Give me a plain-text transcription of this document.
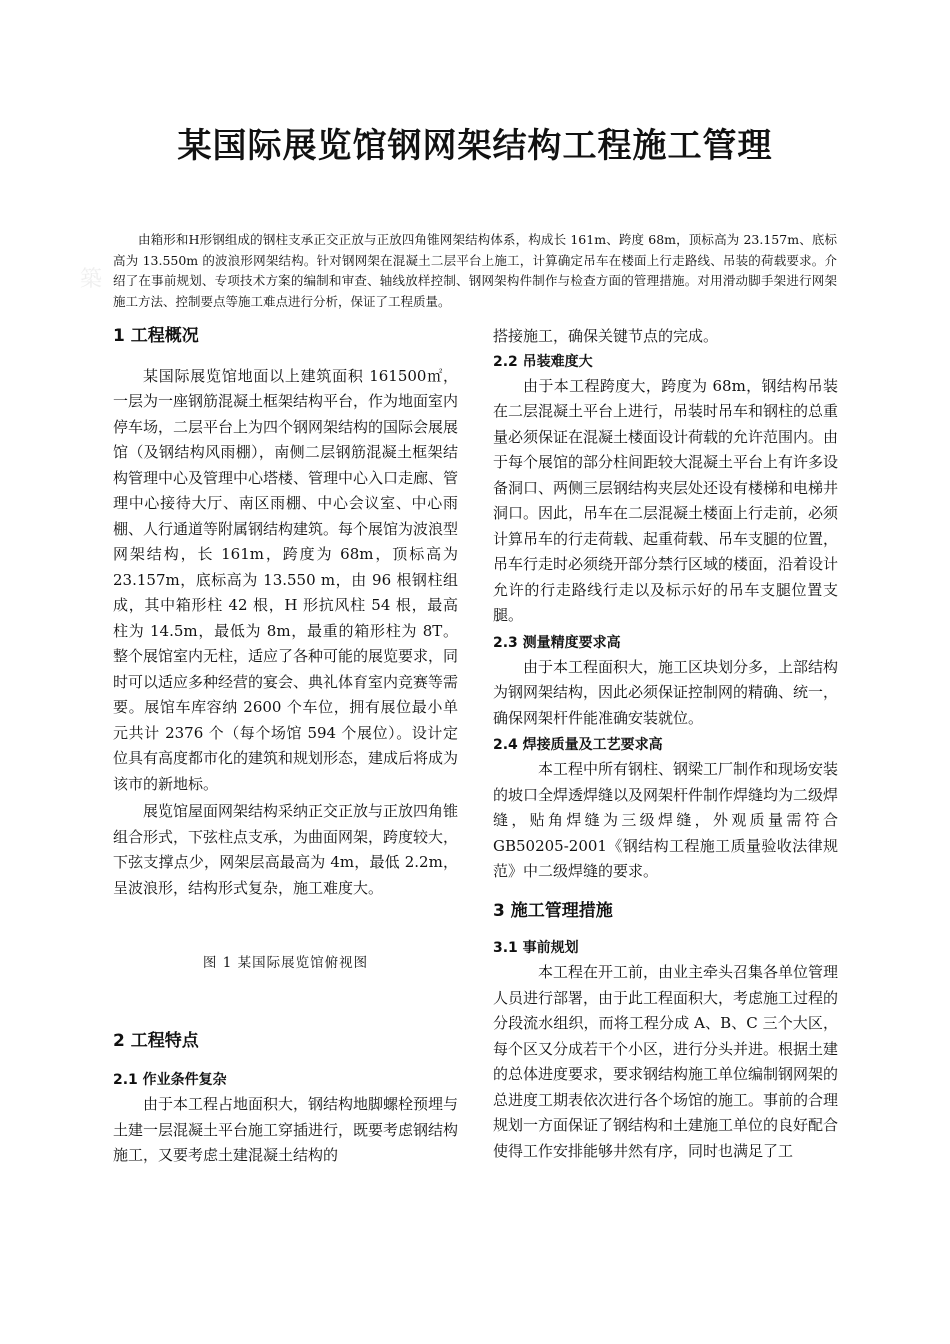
築
某国际展览馆钢网架结构工程施工管理

由箱形和H形钢组成的钢柱支承正交正放与正放四角锥网架结构体系，构成长 161m、跨度 68m，顶标高为 23.157m、底标高为 13.550m 的波浪形网架结构。针对钢网架在混凝土二层平台上施工，计算确定吊车在楼面上行走路线、吊装的荷载要求。介绍了在事前规划、专项技术方案的编制和审查、轴线放样控制、钢网架构件制作与检查方面的管理措施。对用滑动脚手架进行网架施工方法、控制要点等施工难点进行分析，保证了工程质量。

1 工程概况

某国际展览馆地面以上建筑面积 161500㎡，一层为一座钢筋混凝土框架结构平台，作为地面室内停车场，二层平台上为四个钢网架结构的国际会展展馆（及钢结构风雨棚），南侧二层钢筋混凝土框架结构管理中心及管理中心塔楼、管理中心入口走廊、管理中心接待大厅、南区雨棚、中心会议室、中心雨棚、人行通道等附属钢结构建筑。每个展馆为波浪型网架结构，长 161m，跨度为 68m，顶标高为 23.157m，底标高为 13.550 m，由 96 根钢柱组成，其中箱形柱 42 根，H 形抗风柱 54 根，最高柱为 14.5m，最低为 8m，最重的箱形柱为 8T。整个展馆室内无柱，适应了各种可能的展览要求，同时可以适应多种经营的宴会、典礼体育室内竞赛等需要。展馆车库容纳 2600 个车位，拥有展位最小单元共计 2376 个（每个场馆 594 个展位）。设计定位具有高度都市化的建筑和规划形态，建成后将成为该市的新地标。

展览馆屋面网架结构采纳正交正放与正放四角锥组合形式，下弦柱点支承，为曲面网架，跨度较大，下弦支撑点少，网架层高最高为 4m，最低 2.2m，呈波浪形，结构形式复杂，施工难度大。

图 1 某国际展览馆俯视图
2 工程特点
2.1 作业条件复杂

由于本工程占地面积大，钢结构地脚螺栓预埋与土建一层混凝土平台施工穿插进行，既要考虑钢结构施工，又要考虑土建混凝土结构的

搭接施工，确保关键节点的完成。

2.2 吊装难度大

由于本工程跨度大，跨度为 68m，钢结构吊装在二层混凝土平台上进行，吊装时吊车和钢柱的总重量必须保证在混凝土楼面设计荷载的允许范围内。由于每个展馆的部分柱间距较大混凝土平台上有许多设备洞口、两侧三层钢结构夹层处还设有楼梯和电梯井洞口。因此，吊车在二层混凝土楼面上行走前，必须计算吊车的行走荷载、起重荷载、吊车支腿的位置，吊车行走时必须绕开部分禁行区域的楼面，沿着设计允许的行走路线行走以及标示好的吊车支腿位置支腿。

2.3 测量精度要求高

由于本工程面积大，施工区块划分多，上部结构为钢网架结构，因此必须保证控制网的精确、统一，确保网架杆件能准确安装就位。

2.4 焊接质量及工艺要求高

本工程中所有钢柱、钢梁工厂制作和现场安装的坡口全焊透焊缝以及网架杆件制作焊缝均为二级焊缝，贴角焊缝为三级焊缝，外观质量需符合 GB50205-2001《钢结构工程施工质量验收法律规范》中二级焊缝的要求。

3 施工管理措施
3.1 事前规划

本工程在开工前，由业主牵头召集各单位管理人员进行部署，由于此工程面积大，考虑施工过程的分段流水组织，而将工程分成 A、B、C 三个大区，每个区又分成若干个小区，进行分头并进。根据土建的总体进度要求，要求钢结构施工单位编制钢网架的总进度工期表依次进行各个场馆的施工。事前的合理规划一方面保证了钢结构和土建施工单位的良好配合使得工作安排能够井然有序，同时也满足了工
